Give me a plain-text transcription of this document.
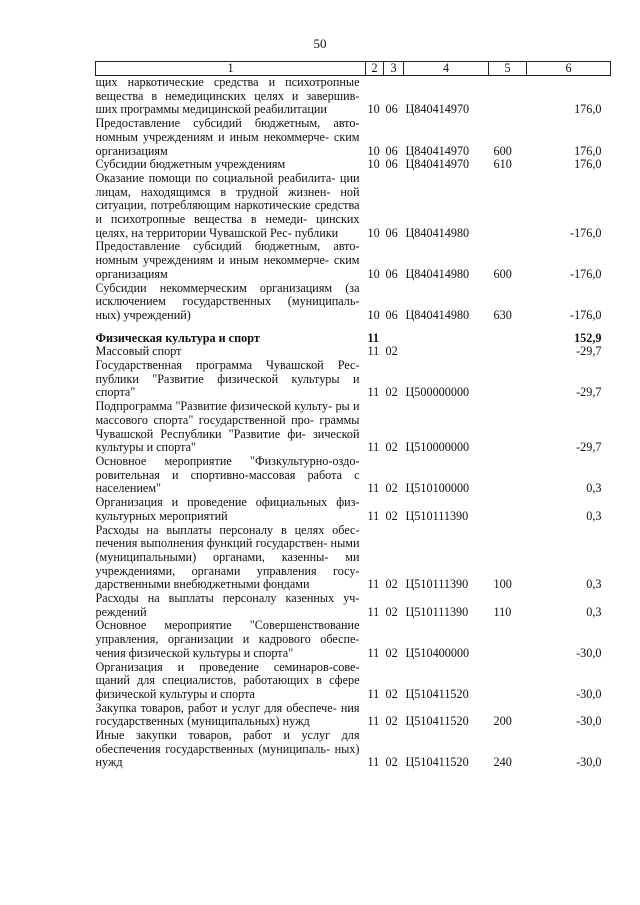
50
1	2	3	4	5	6
щих наркотические средства и психотропные вещества в немедицинских целях и завершив- ших программы медицинской реабилитации	10	06	Ц840414970		176,0
Предоставление субсидий бюджетным, авто- номным учреждениям и иным некоммерче- ским организациям	10	06	Ц840414970	600	176,0
Субсидии бюджетным учреждениям	10	06	Ц840414970	610	176,0
Оказание помощи по социальной реабилита- ции лицам, находящимся в трудной жизнен- ной ситуации, потребляющим наркотические средства и психотропные вещества в немеди- цинских целях, на территории Чувашской Рес- публики	10	06	Ц840414980		-176,0
Предоставление субсидий бюджетным, авто- номным учреждениям и иным некоммерче- ским организациям	10	06	Ц840414980	600	-176,0
Субсидии некоммерческим организациям (за исключением государственных (муниципаль- ных) учреждений)	10	06	Ц840414980	630	-176,0

Физическая культура и спорт	11				152,9
Массовый спорт	11	02			-29,7
Государственная программа Чувашской Рес- публики "Развитие физической культуры и спорта"	11	02	Ц500000000		-29,7
Подпрограмма "Развитие физической культу- ры и массового спорта" государственной про- граммы Чувашской Республики "Развитие фи- зической культуры и спорта"	11	02	Ц510000000		-29,7
Основное мероприятие "Физкультурно-оздо- ровительная и спортивно-массовая работа с населением"	11	02	Ц510100000		0,3
Организация и проведение официальных физ- культурных мероприятий	11	02	Ц510111390		0,3
Расходы на выплаты персоналу в целях обес- печения выполнения функций государствен- ными (муниципальными) органами, казенны- ми учреждениями, органами управления госу- дарственными внебюджетными фондами	11	02	Ц510111390	100	0,3
Расходы на выплаты персоналу казенных уч- реждений	11	02	Ц510111390	110	0,3
Основное мероприятие "Совершенствование управления, организации и кадрового обеспе- чения физической культуры и спорта"	11	02	Ц510400000		-30,0
Организация и проведение семинаров-сове- щаний для специалистов, работающих в сфере физической культуры и спорта	11	02	Ц510411520		-30,0
Закупка товаров, работ и услуг для обеспече- ния государственных (муниципальных) нужд	11	02	Ц510411520	200	-30,0
Иные закупки товаров, работ и услуг для обеспечения государственных (муниципаль- ных) нужд	11	02	Ц510411520	240	-30,0
